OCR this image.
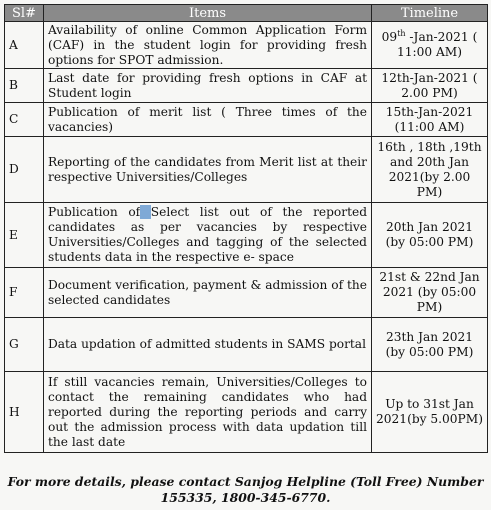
Sl#	Items	Timeline
A	Availability of online Common Application Form (CAF) in the student login for providing fresh options for SPOT admission.	09th -Jan-2021 ( 11:00 AM)
B	Last date for providing fresh options in CAF at Student login	12th-Jan-2021 ( 2.00 PM)
C	Publication of merit list ( Three times of the vacancies)	15th-Jan-2021 (11:00 AM)
D	Reporting of the candidates from Merit list at their respective Universities/Colleges	16th , 18th ,19th and 20th Jan 2021(by 2.00 PM)
E	Publication of Select list out of the reported candidates as per vacancies by respective Universities/Colleges and tagging of the selected students data in the respective e- space	20th Jan 2021 (by 05:00 PM)
F	Document verification, payment & admission of the selected candidates	21st & 22nd Jan 2021 (by 05:00 PM)
G	Data updation of admitted students in SAMS portal	23th Jan 2021 (by 05:00 PM)
H	If still vacancies remain, Universities/Colleges to contact the remaining candidates who had reported during the reporting periods and carry out the admission process with data updation till the last date	Up to 31st Jan 2021(by 5.00PM)
For more details, please contact Sanjog Helpline (Toll Free) Number
155335, 1800-345-6770.
